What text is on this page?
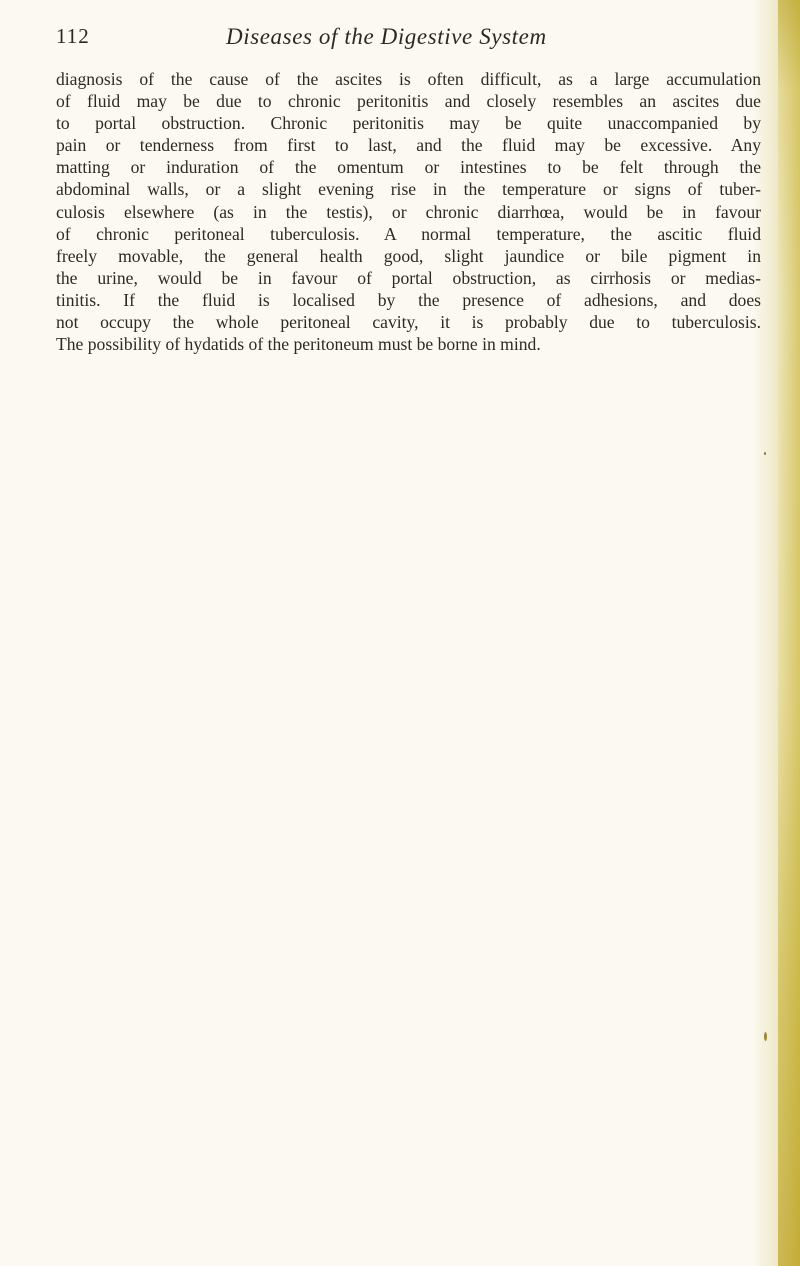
112	Diseases of the Digestive System

diagnosis of the cause of the ascites is often difficult, as a large accumulation
of fluid may be due to chronic peritonitis and closely resembles an ascites due
to portal obstruction. Chronic peritonitis may be quite unaccompanied by
pain or tenderness from first to last, and the fluid may be excessive. Any
matting or induration of the omentum or intestines to be felt through the
abdominal walls, or a slight evening rise in the temperature or signs of tuber-
culosis elsewhere (as in the testis), or chronic diarrhœa, would be in favour
of chronic peritoneal tuberculosis. A normal temperature, the ascitic fluid
freely movable, the general health good, slight jaundice or bile pigment in
the urine, would be in favour of portal obstruction, as cirrhosis or medias-
tinitis. If the fluid is localised by the presence of adhesions, and does
not occupy the whole peritoneal cavity, it is probably due to tuberculosis.
The possibility of hydatids of the peritoneum must be borne in mind.
